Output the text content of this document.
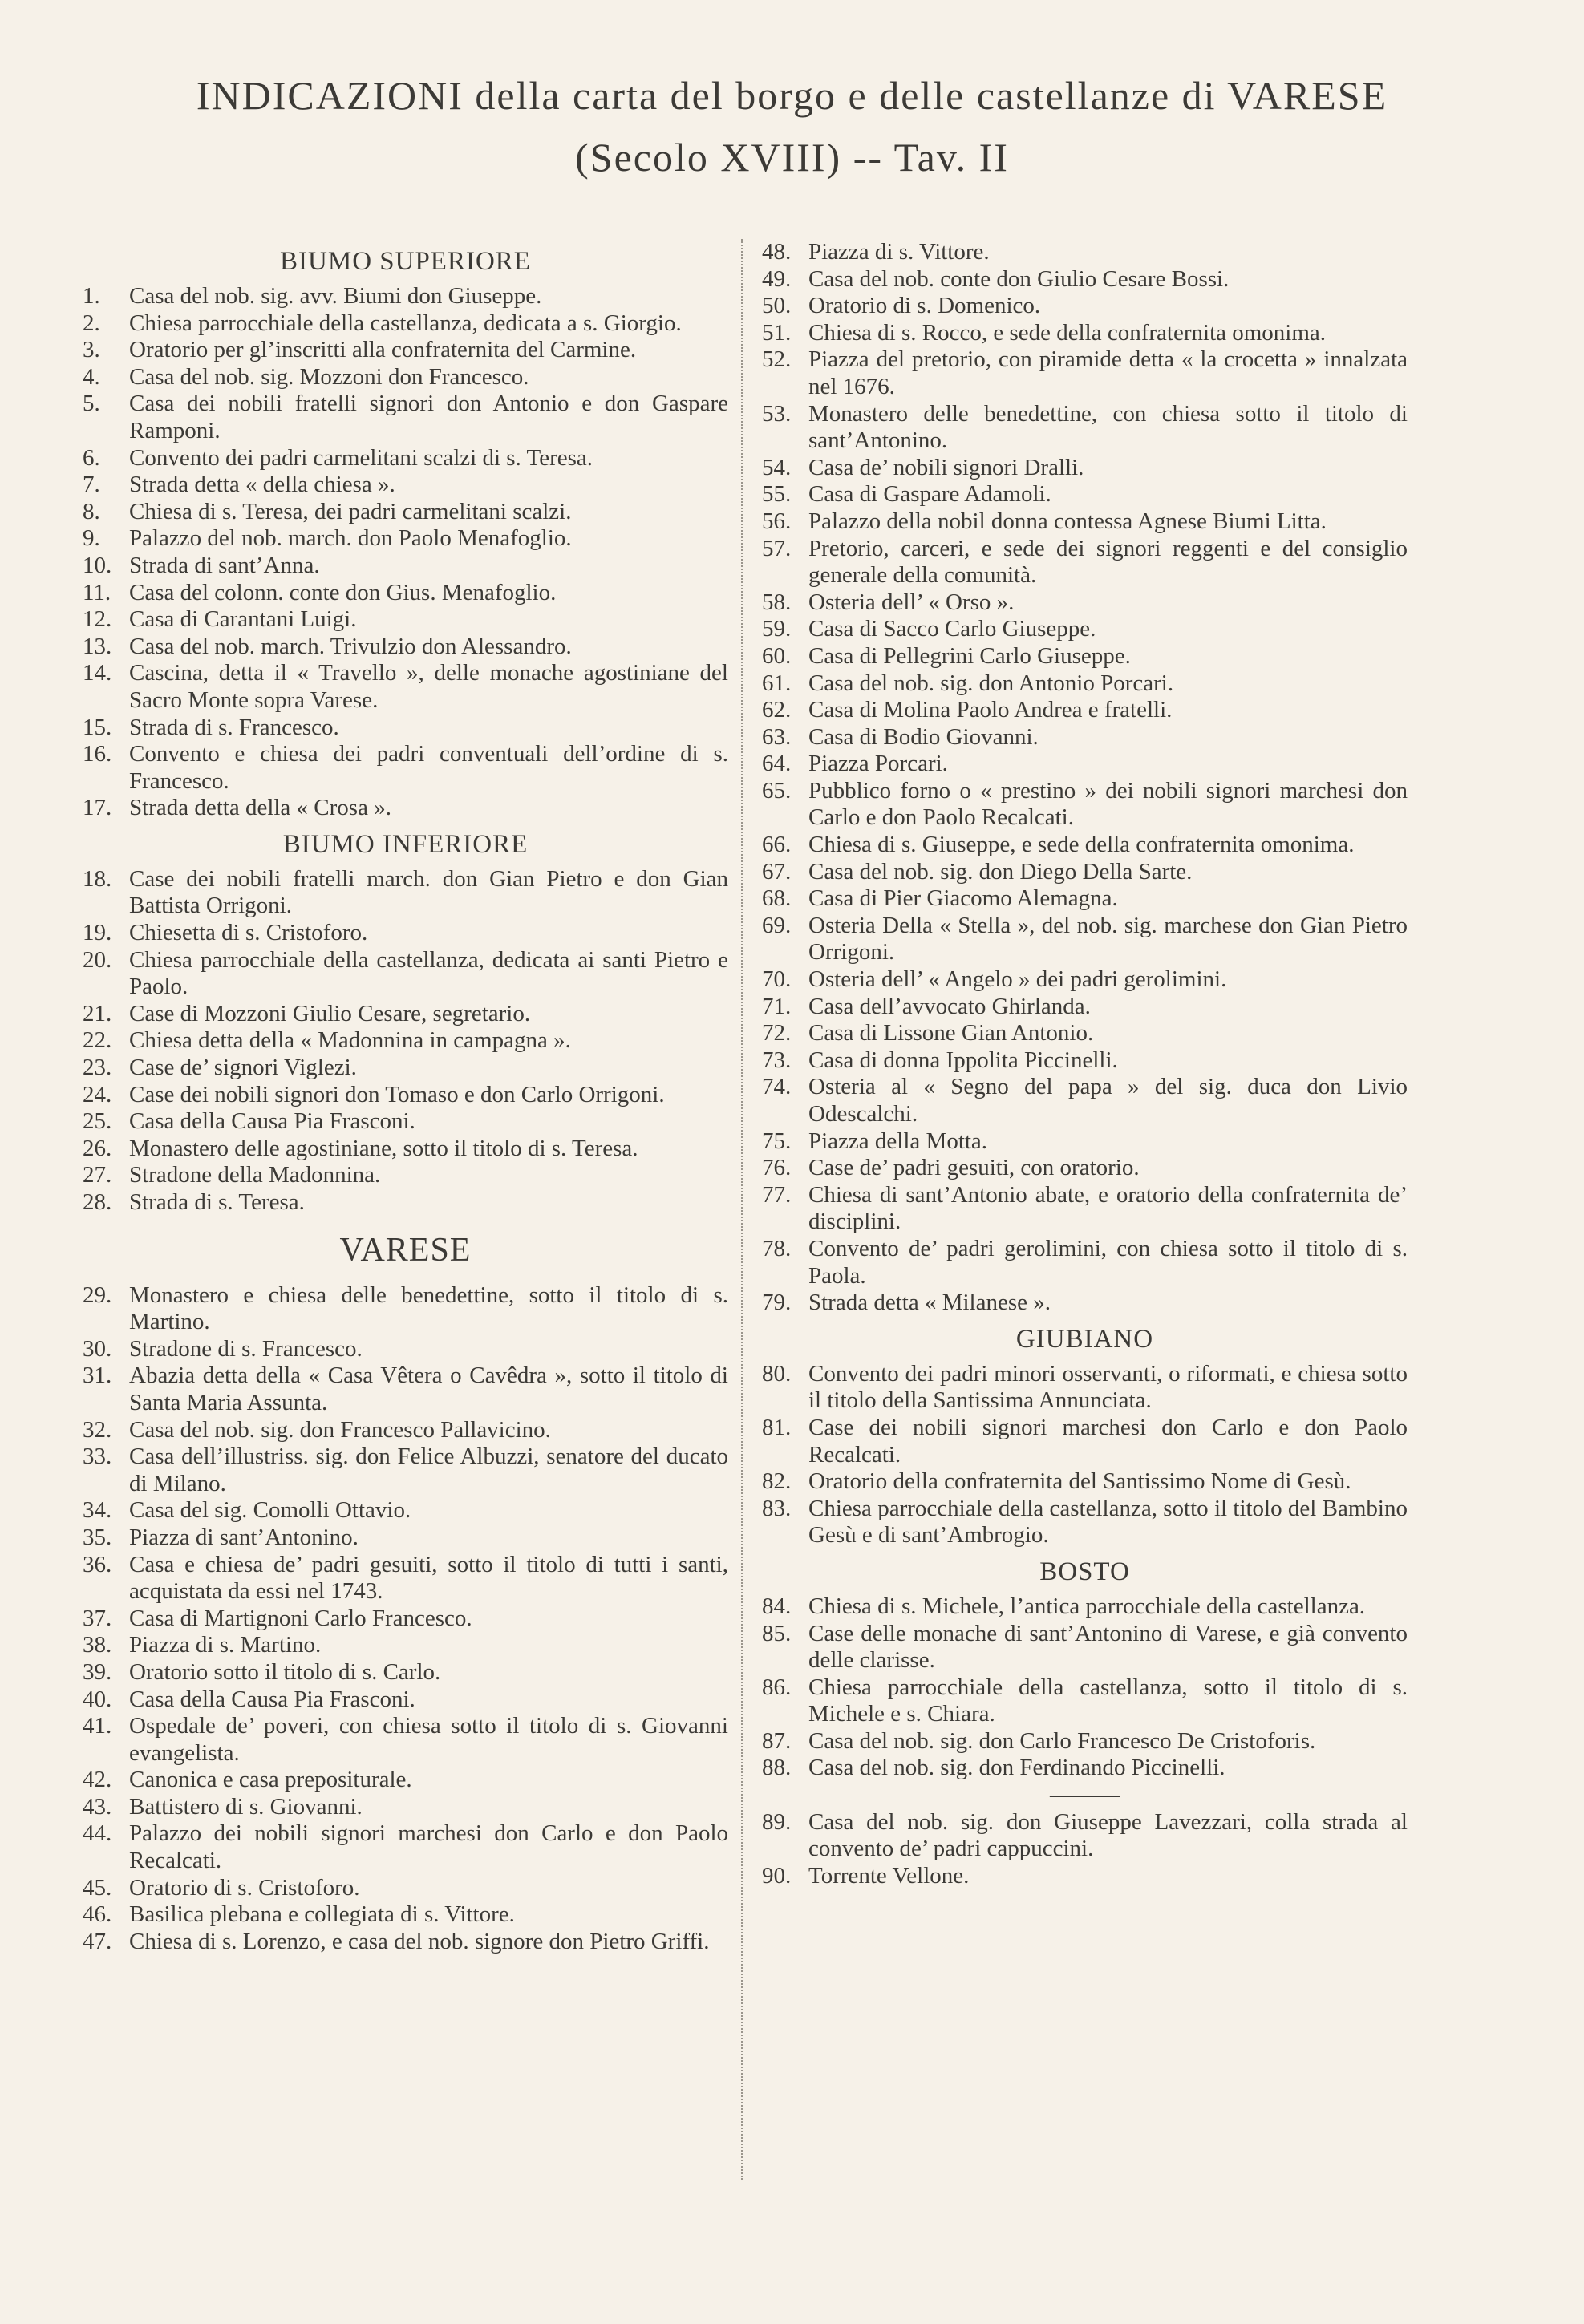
INDICAZIONI della carta del borgo e delle castellanze di VARESE
(Secolo XVIII) -- Tav. II
BIUMO SUPERIORE
1.	Casa del nob. sig. avv. Biumi don Giuseppe.
2.	Chiesa parrocchiale della castellanza, dedicata a s. Giorgio.
3.	Oratorio per gl’inscritti alla confraternita del Carmine.
4.	Casa del nob. sig. Mozzoni don Francesco.
5.	Casa dei nobili fratelli signori don Antonio e don Gaspare Ramponi.
6.	Convento dei padri carmelitani scalzi di s. Teresa.
7.	Strada detta « della chiesa ».
8.	Chiesa di s. Teresa, dei padri carmelitani scalzi.
9.	Palazzo del nob. march. don Paolo Menafoglio.
10. Strada di sant’Anna.
11. Casa del colonn. conte don Gius. Menafoglio.
12. Casa di Carantani Luigi.
13. Casa del nob. march. Trivulzio don Alessandro.
14. Cascina, detta il « Travello », delle monache agostiniane del Sacro Monte sopra Varese.
15. Strada di s. Francesco.
16. Convento e chiesa dei padri conventuali dell’ordine di s. Francesco.
17. Strada detta della « Crosa ».
BIUMO INFERIORE
18. Case dei nobili fratelli march. don Gian Pietro e don Gian Battista Orrigoni.
19. Chiesetta di s. Cristoforo.
20. Chiesa parrocchiale della castellanza, dedicata ai santi Pietro e Paolo.
21. Case di Mozzoni Giulio Cesare, segretario.
22. Chiesa detta della « Madonnina in campagna ».
23. Case de’ signori Viglezi.
24. Case dei nobili signori don Tomaso e don Carlo Orrigoni.
25. Casa della Causa Pia Frasconi.
26. Monastero delle agostiniane, sotto il titolo di s. Teresa.
27. Stradone della Madonnina.
28. Strada di s. Teresa.
VARESE
29. Monastero e chiesa delle benedettine, sotto il titolo di s. Martino.
30. Stradone di s. Francesco.
31. Abazia detta della « Casa Vêtera o Cavêdra », sotto il titolo di Santa Maria Assunta.
32. Casa del nob. sig. don Francesco Pallavicino.
33. Casa dell’illustriss. sig. don Felice Albuzzi, senatore del ducato di Milano.
34. Casa del sig. Comolli Ottavio.
35. Piazza di sant’Antonino.
36. Casa e chiesa de’ padri gesuiti, sotto il titolo di tutti i santi, acquistata da essi nel 1743.
37. Casa di Martignoni Carlo Francesco.
38. Piazza di s. Martino.
39. Oratorio sotto il titolo di s. Carlo.
40. Casa della Causa Pia Frasconi.
41. Ospedale de’ poveri, con chiesa sotto il titolo di s. Giovanni evangelista.
42. Canonica e casa prepositurale.
43. Battistero di s. Giovanni.
44. Palazzo dei nobili signori marchesi don Carlo e don Paolo Recalcati.
45. Oratorio di s. Cristoforo.
46. Basilica plebana e collegiata di s. Vittore.
47. Chiesa di s. Lorenzo, e casa del nob. signore don Pietro Griffi.
48. Piazza di s. Vittore.
49. Casa del nob. conte don Giulio Cesare Bossi.
50. Oratorio di s. Domenico.
51. Chiesa di s. Rocco, e sede della confraternita omonima.
52. Piazza del pretorio, con piramide detta « la crocetta » innalzata nel 1676.
53. Monastero delle benedettine, con chiesa sotto il titolo di sant’Antonino.
54. Casa de’ nobili signori Dralli.
55. Casa di Gaspare Adamoli.
56. Palazzo della nobil donna contessa Agnese Biumi Litta.
57. Pretorio, carceri, e sede dei signori reggenti e del consiglio generale della comunità.
58. Osteria dell’ « Orso ».
59. Casa di Sacco Carlo Giuseppe.
60. Casa di Pellegrini Carlo Giuseppe.
61. Casa del nob. sig. don Antonio Porcari.
62. Casa di Molina Paolo Andrea e fratelli.
63. Casa di Bodio Giovanni.
64. Piazza Porcari.
65. Pubblico forno o « prestino » dei nobili signori marchesi don Carlo e don Paolo Recalcati.
66. Chiesa di s. Giuseppe, e sede della confraternita omonima.
67. Casa del nob. sig. don Diego Della Sarte.
68. Casa di Pier Giacomo Alemagna.
69. Osteria Della « Stella », del nob. sig. marchese don Gian Pietro Orrigoni.
70. Osteria dell’ « Angelo » dei padri gerolimini.
71. Casa dell’avvocato Ghirlanda.
72. Casa di Lissone Gian Antonio.
73. Casa di donna Ippolita Piccinelli.
74. Osteria al « Segno del papa » del sig. duca don Livio Odescalchi.
75. Piazza della Motta.
76. Case de’ padri gesuiti, con oratorio.
77. Chiesa di sant’Antonio abate, e oratorio della confraternita de’ disciplini.
78. Convento de’ padri gerolimini, con chiesa sotto il titolo di s. Paola.
79. Strada detta « Milanese ».
GIUBIANO
80. Convento dei padri minori osservanti, o riformati, e chiesa sotto il titolo della Santissima Annunciata.
81. Case dei nobili signori marchesi don Carlo e don Paolo Recalcati.
82. Oratorio della confraternita del Santissimo Nome di Gesù.
83. Chiesa parrocchiale della castellanza, sotto il titolo del Bambino Gesù e di sant’Ambrogio.
BOSTO
84. Chiesa di s. Michele, l’antica parrocchiale della castellanza.
85. Case delle monache di sant’Antonino di Varese, e già convento delle clarisse.
86. Chiesa parrocchiale della castellanza, sotto il titolo di s. Michele e s. Chiara.
87. Casa del nob. sig. don Carlo Francesco De Cristoforis.
88. Casa del nob. sig. don Ferdinando Piccinelli.
———
89. Casa del nob. sig. don Giuseppe Lavezzari, colla strada al convento de’ padri cappuccini.
90. Torrente Vellone.
